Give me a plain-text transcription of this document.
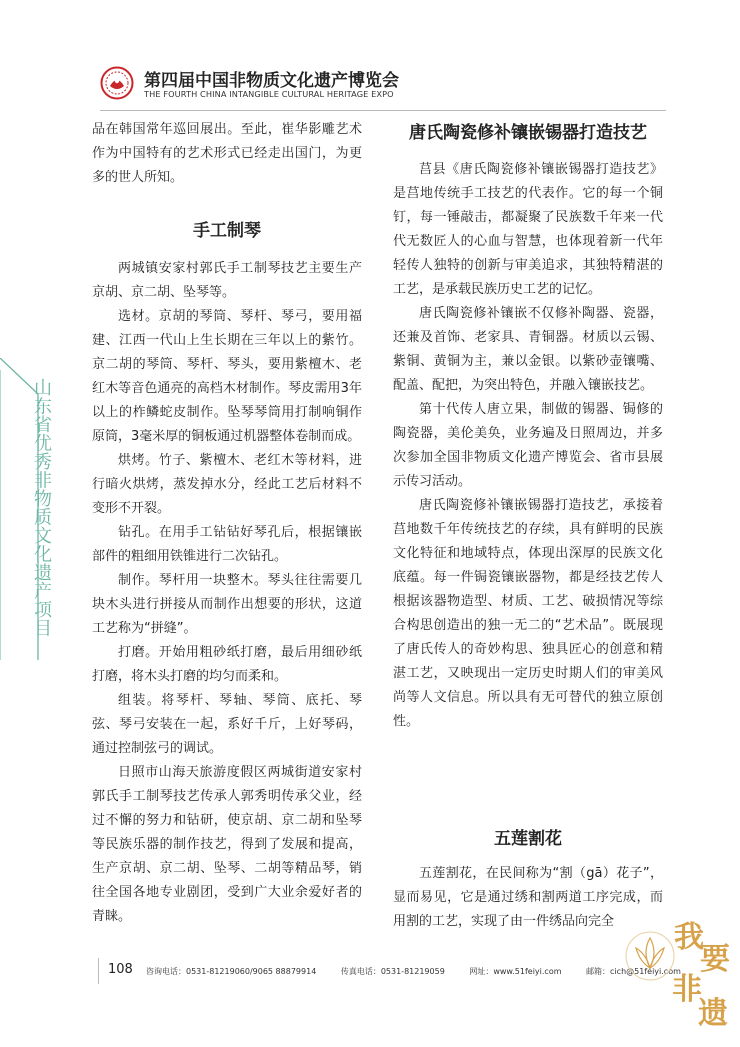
第四届中国非物质文化遗产博览会
THE FOURTH CHINA INTANGIBLE CULTURAL HERITAGE EXPO
山东省优秀非物质文化遗产项目

品在韩国常年巡回展出。至此，崔华影雕艺术作为中国特有的艺术形式已经走出国门，为更多的世人所知。

手工制琴

两城镇安家村郭氏手工制琴技艺主要生产京胡、京二胡、坠琴等。

选材。京胡的琴筒、琴杆、琴弓，要用福建、江西一代山上生长期在三年以上的紫竹。京二胡的琴筒、琴杆、琴头，要用紫檀木、老红木等音色通亮的高档木材制作。琴皮需用3年以上的柞鳞蛇皮制作。坠琴琴筒用打制响铜作原筒，3毫米厚的铜板通过机器整体卷制而成。

烘烤。竹子、紫檀木、老红木等材料，进行暗火烘烤，蒸发掉水分，经此工艺后材料不变形不开裂。

钻孔。在用手工钻钻好琴孔后，根据镶嵌部件的粗细用铁锥进行二次钻孔。

制作。琴杆用一块整木。琴头往往需要几块木头进行拼接从而制作出想要的形状，这道工艺称为“拼缝”。

打磨。开始用粗砂纸打磨，最后用细砂纸打磨，将木头打磨的均匀而柔和。

组装。将琴杆、琴轴、琴筒、底托、琴弦、琴弓安装在一起，系好千斤，上好琴码，通过控制弦弓的调试。

日照市山海天旅游度假区两城街道安家村郭氏手工制琴技艺传承人郭秀明传承父业，经过不懈的努力和钻研，使京胡、京二胡和坠琴等民族乐器的制作技艺，得到了发展和提高，生产京胡、京二胡、坠琴、二胡等精品琴，销往全国各地专业剧团，受到广大业余爱好者的青睐。

唐氏陶瓷修补镶嵌锡器打造技艺

莒县《唐氏陶瓷修补镶嵌锡器打造技艺》是莒地传统手工技艺的代表作。它的每一个铜钉，每一锤敲击，都凝聚了民族数千年来一代代无数匠人的心血与智慧，也体现着新一代年轻传人独特的创新与审美追求，其独特精湛的工艺，是承载民族历史工艺的记忆。

唐氏陶瓷修补镶嵌不仅修补陶器、瓷器，还兼及首饰、老家具、青铜器。材质以云锡、紫铜、黄铜为主，兼以金银。以紫砂壶镶嘴、配盖、配把，为突出特色，并融入镶嵌技艺。

第十代传人唐立果，制做的锡器、锔修的陶瓷器，美伦美奂，业务遍及日照周边，并多次参加全国非物质文化遗产博览会、省市县展示传习活动。

唐氏陶瓷修补镶嵌锡器打造技艺，承接着莒地数千年传统技艺的存续，具有鲜明的民族文化特征和地域特点，体现出深厚的民族文化底蕴。每一件锔瓷镶嵌器物，都是经技艺传人根据该器物造型、材质、工艺、破损情况等综合构思创造出的独一无二的“艺术品”。既展现了唐氏传人的奇妙构思、独具匠心的创意和精湛工艺，又映现出一定历史时期人们的审美风尚等人文信息。所以具有无可替代的独立原创性。

五莲割花

五莲割花，在民间称为“割（gā）花子”，显而易见，它是通过绣和割两道工序完成，而用割的工艺，实现了由一件绣品向完全

108 咨询电话：0531-81219060/9065 88879914	传真电话：0531-81219059	网址：www.51feiyi.com	邮箱：cich@51feiyi.com
我
要
非
遗
